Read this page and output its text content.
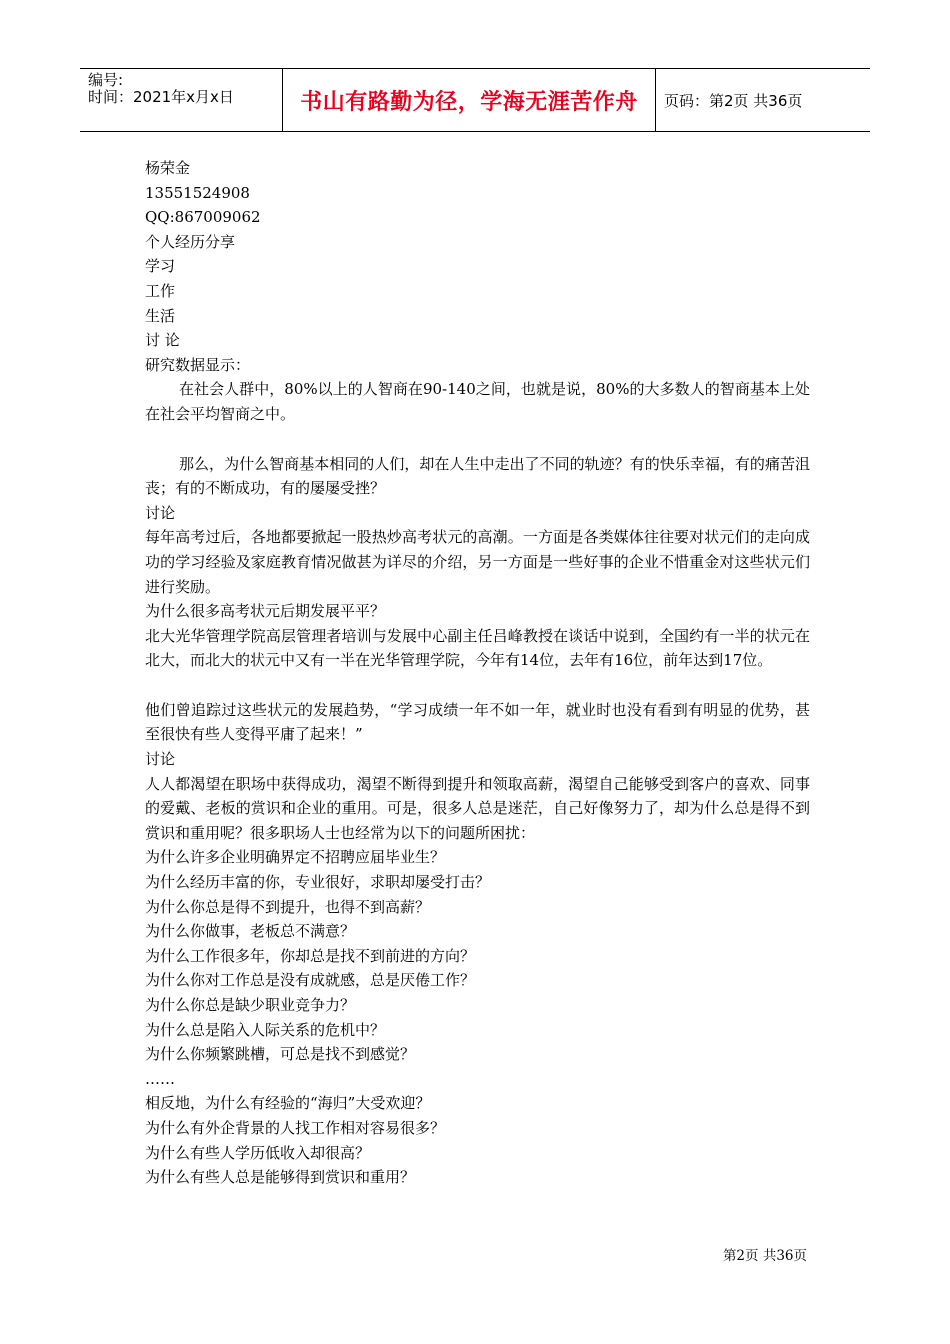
编号:
时间：2021年x月x日	书山有路勤为径，学海无涯苦作舟	页码：第2页 共36页

杨荣金

13551524908

QQ:867009062

个人经历分享

学习

工作

生活

讨 论

研究数据显示：

在社会人群中，80%以上的人智商在90-140之间，也就是说，80%的大多数人的智商基本上处在社会平均智商之中。

那么，为什么智商基本相同的人们，却在人生中走出了不同的轨迹？有的快乐幸福，有的痛苦沮丧；有的不断成功，有的屡屡受挫？

讨论

每年高考过后，各地都要掀起一股热炒高考状元的高潮。一方面是各类媒体往往要对状元们的走向成功的学习经验及家庭教育情况做甚为详尽的介绍，另一方面是一些好事的企业不惜重金对这些状元们进行奖励。

为什么很多高考状元后期发展平平？

北大光华管理学院高层管理者培训与发展中心副主任吕峰教授在谈话中说到，全国约有一半的状元在北大，而北大的状元中又有一半在光华管理学院，今年有14位，去年有16位，前年达到17位。

他们曾追踪过这些状元的发展趋势，“学习成绩一年不如一年，就业时也没有看到有明显的优势，甚至很快有些人变得平庸了起来！”

讨论

人人都渴望在职场中获得成功，渴望不断得到提升和领取高薪，渴望自己能够受到客户的喜欢、同事的爱戴、老板的赏识和企业的重用。可是，很多人总是迷茫，自己好像努力了，却为什么总是得不到赏识和重用呢？很多职场人士也经常为以下的问题所困扰：

为什么许多企业明确界定不招聘应届毕业生？

为什么经历丰富的你，专业很好，求职却屡受打击？

为什么你总是得不到提升，也得不到高薪？

为什么你做事，老板总不满意？

为什么工作很多年，你却总是找不到前进的方向？

为什么你对工作总是没有成就感，总是厌倦工作？

为什么你总是缺少职业竞争力？

为什么总是陷入人际关系的危机中？

为什么你频繁跳槽，可总是找不到感觉？

……

相反地，为什么有经验的“海归”大受欢迎？

为什么有外企背景的人找工作相对容易很多？

为什么有些人学历低收入却很高？

为什么有些人总是能够得到赏识和重用？

第2页 共36页
